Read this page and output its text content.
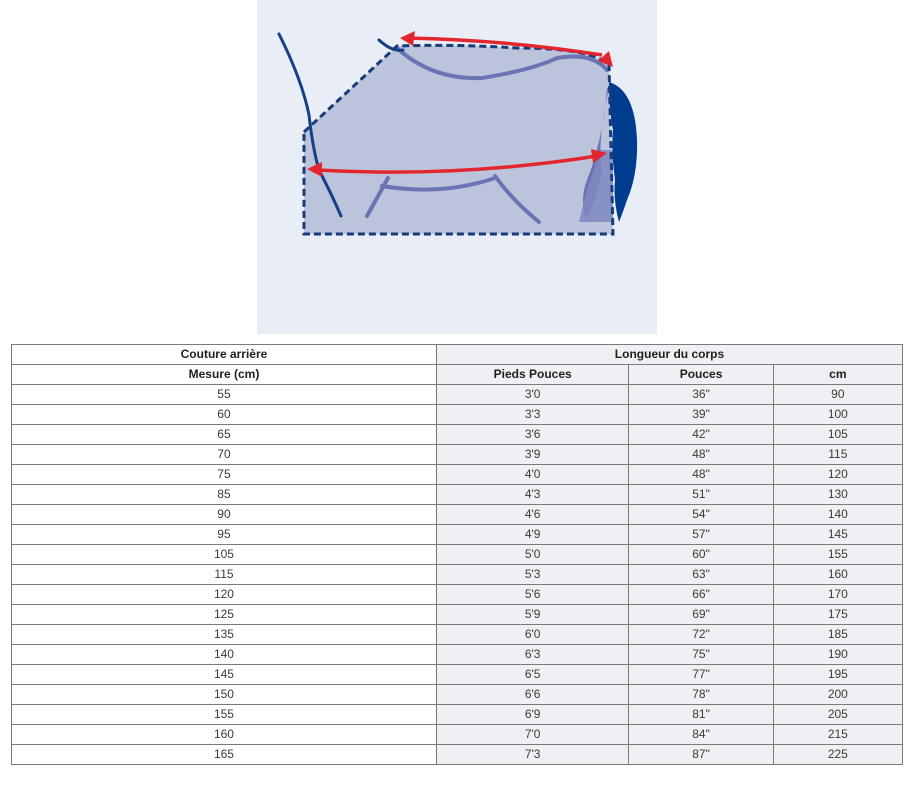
Couture arrière	Longueur du corps		
Mesure (cm)	Pieds Pouces	Pouces	cm
55	3'0	36"	90
60	3'3	39"	100
65	3'6	42"	105
70	3'9	48"	115
75	4'0	48"	120
85	4'3	51"	130
90	4'6	54"	140
95	4'9	57"	145
105	5'0	60"	155
115	5'3	63"	160
120	5'6	66"	170
125	5'9	69"	175
135	6'0	72"	185
140	6'3	75"	190
145	6'5	77"	195
150	6'6	78"	200
155	6'9	81"	205
160	7'0	84"	215
165	7'3	87"	225
